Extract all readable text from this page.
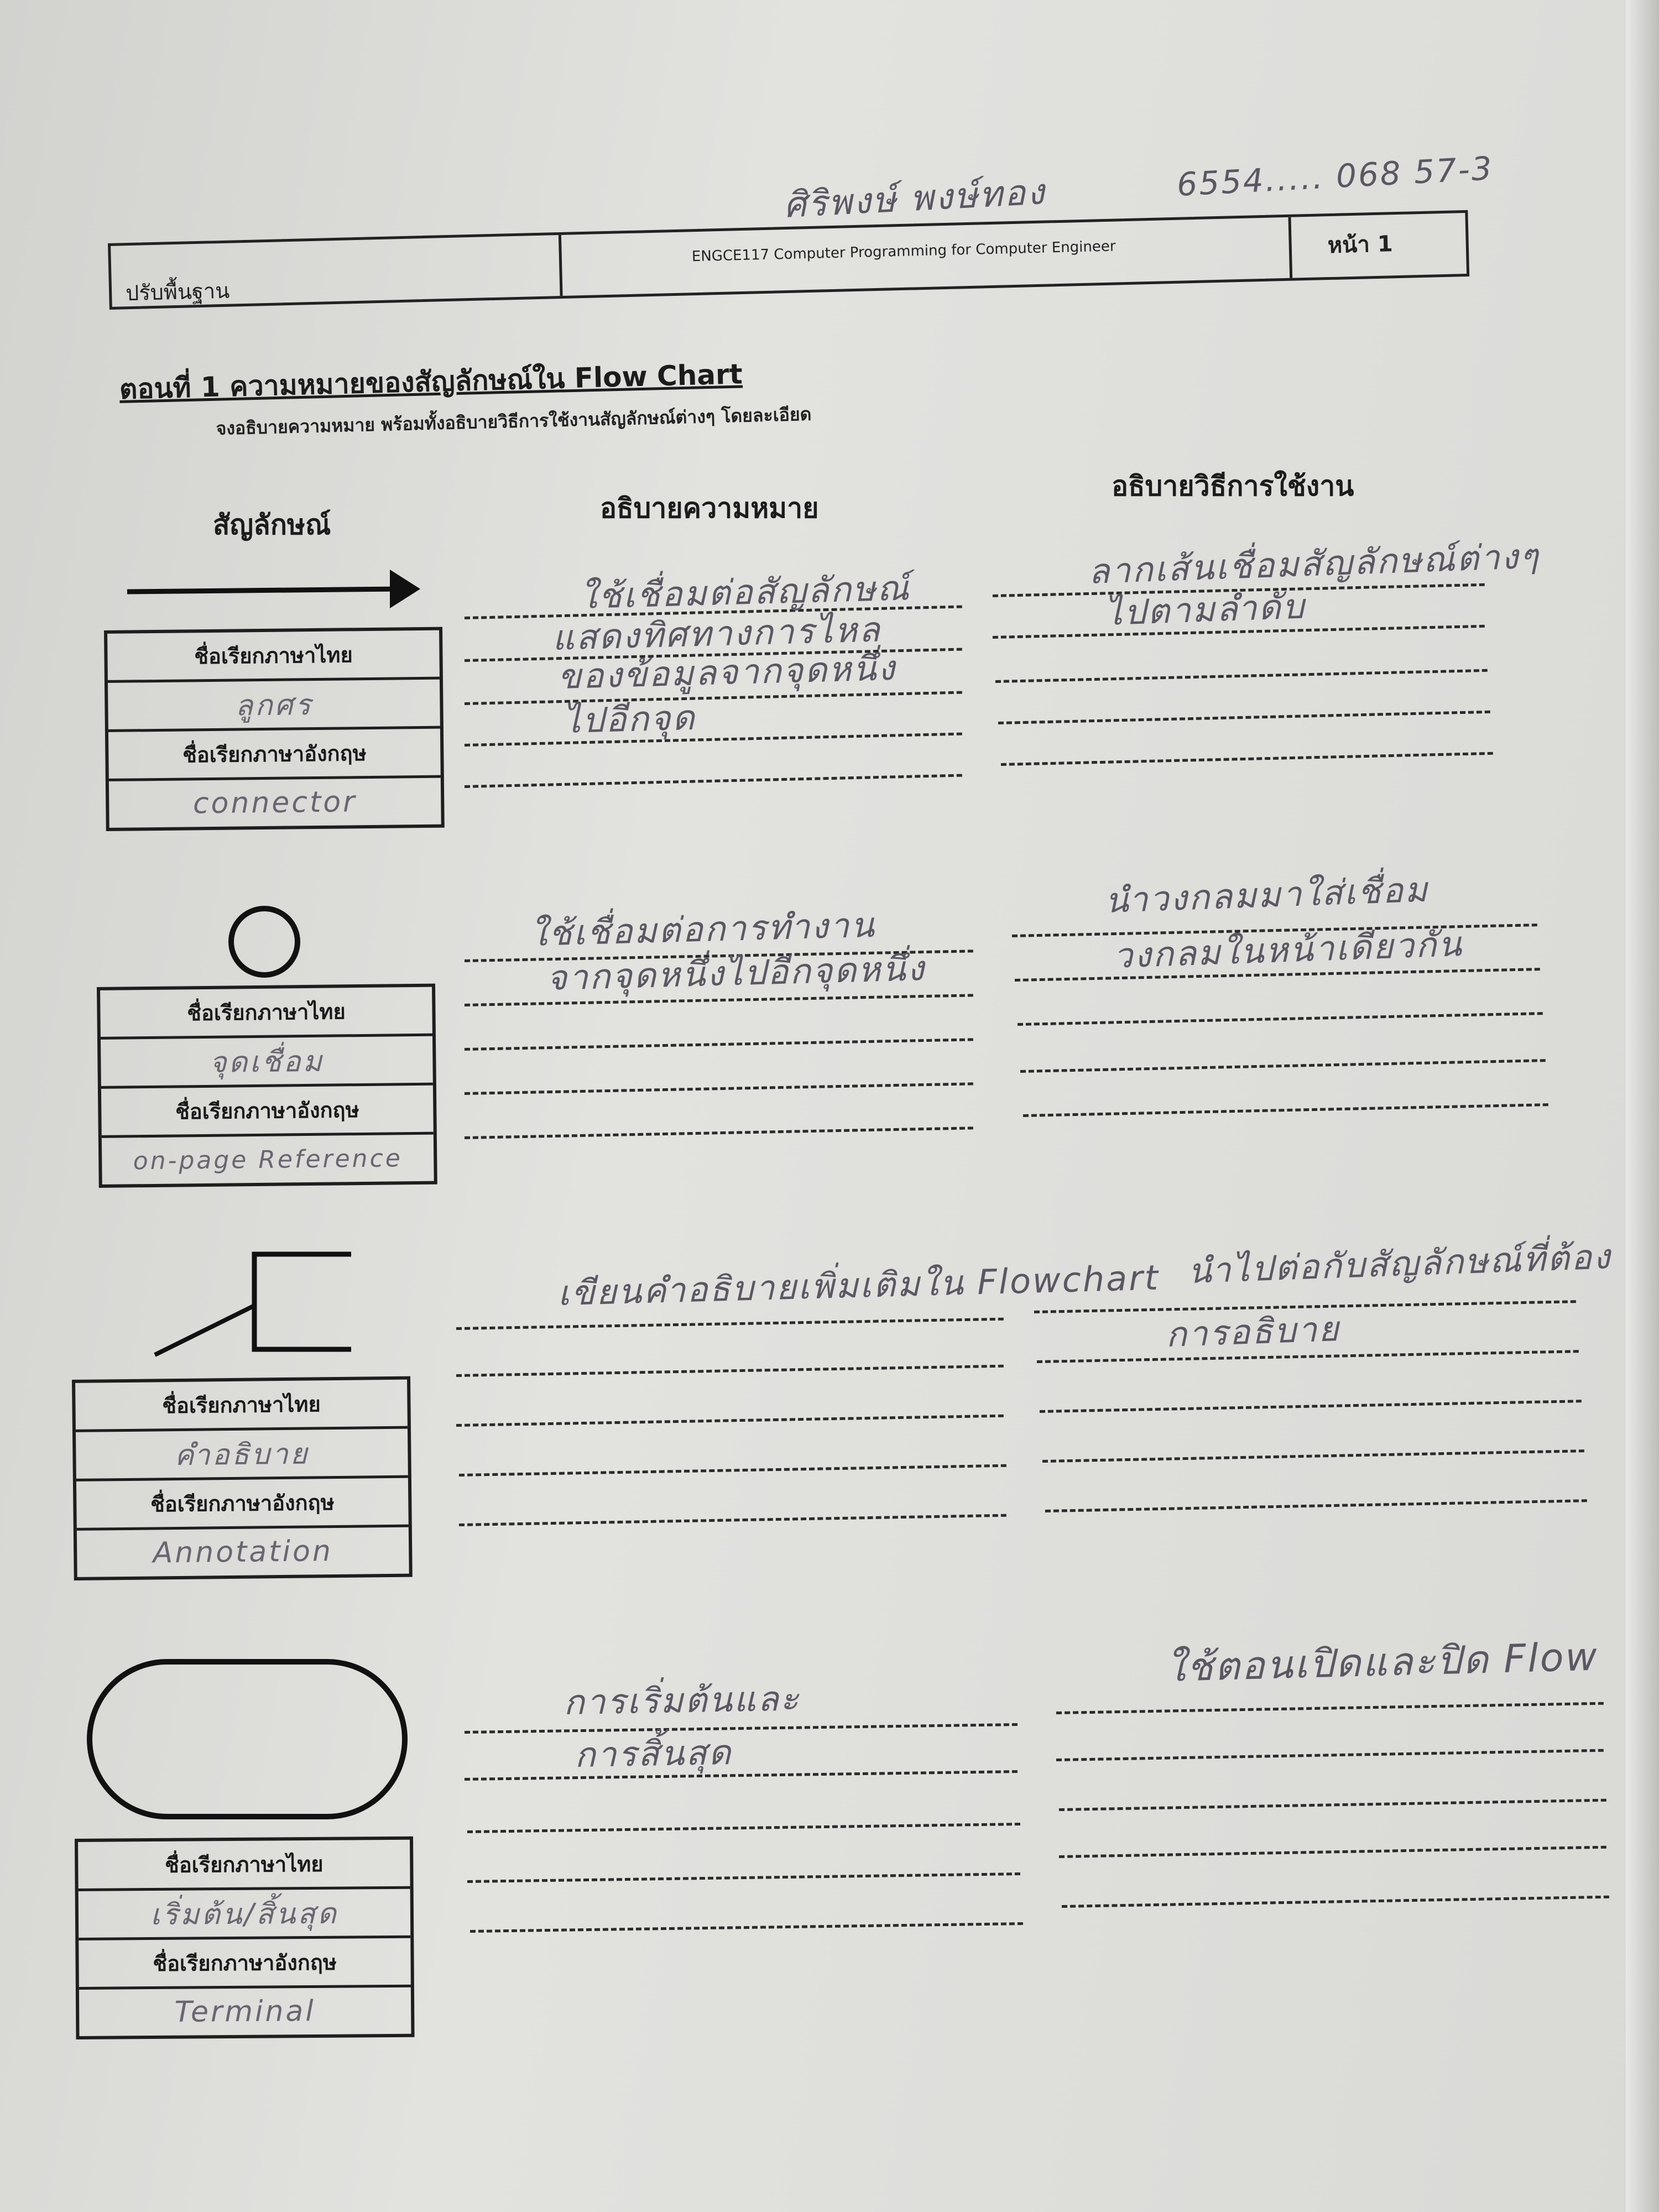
ศิริพงษ์ พงษ์ทอง	6554..... 068 57-3
ปรับพื้นฐาน
ENGCE117 Computer Programming for Computer Engineer	หน้า 1
ตอนที่ 1 ความหมายของสัญลักษณ์ใน Flow Chart
จงอธิบายความหมาย พร้อมทั้งอธิบายวิธีการใช้งานสัญลักษณ์ต่างๆ โดยละเอียด
สัญลักษณ์
อธิบายความหมาย
อธิบายวิธีการใช้งาน
ชื่อเรียกภาษาไทย
ลูกศร
ชื่อเรียกภาษาอังกฤษ
connector
ใช้เชื่อมต่อสัญลักษณ์
แสดงทิศทางการไหล
ของข้อมูลจากจุดหนึ่ง
ไปอีกจุด
ลากเส้นเชื่อมสัญลักษณ์ต่างๆ
ไปตามลำดับ
ชื่อเรียกภาษาไทย
จุดเชื่อม
ชื่อเรียกภาษาอังกฤษ
on-page Reference
ใช้เชื่อมต่อการทำงาน
จากจุดหนึ่งไปอีกจุดหนึ่ง
นำวงกลมมาใส่เชื่อม
วงกลมในหน้าเดียวกัน
ชื่อเรียกภาษาไทย
คำอธิบาย
ชื่อเรียกภาษาอังกฤษ
Annotation
เขียนคำอธิบายเพิ่มเติมใน Flowchart นำไปต่อกับสัญลักษณ์ที่ต้อง
การอธิบาย
ชื่อเรียกภาษาไทย
เริ่มต้น/สิ้นสุด
ชื่อเรียกภาษาอังกฤษ
Terminal
การเริ่มต้นและ
การสิ้นสุด
ใช้ตอนเปิดและปิด Flow
